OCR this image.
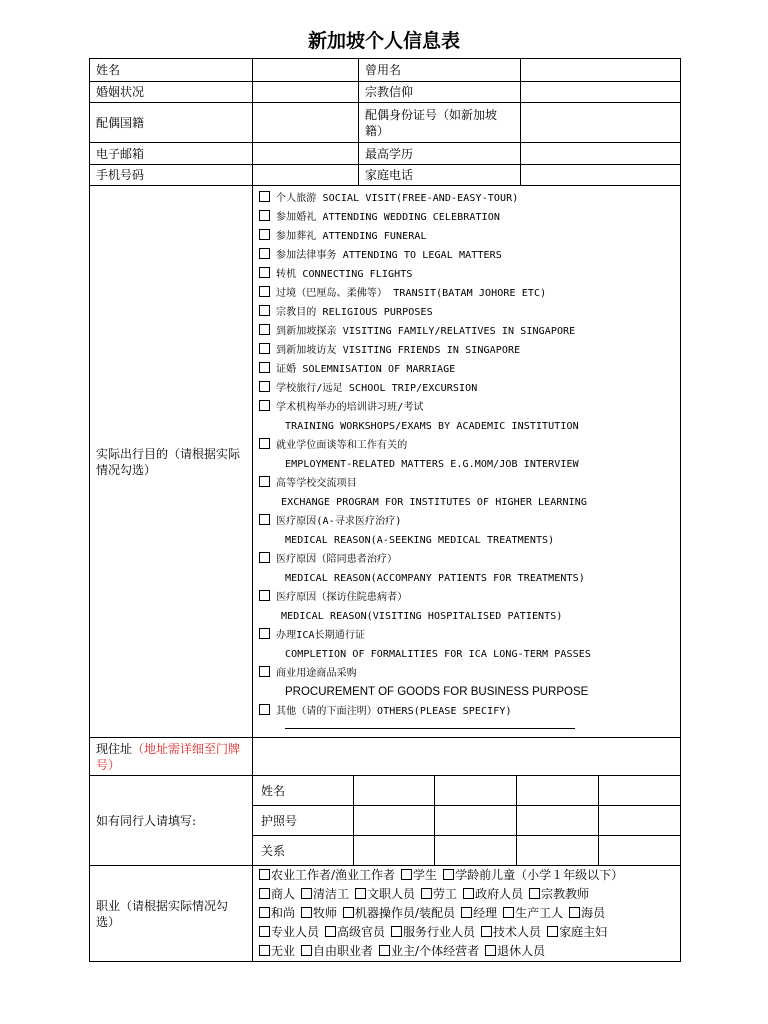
新加坡个人信息表
姓名		曾用名	
婚姻状况		宗教信仰	
配偶国籍		配偶身份证号（如新加坡籍）	
电子邮箱		最高学历	
手机号码		家庭电话	
实际出行目的（请根据实际情况勾选）	
个人旅游 SOCIAL VISIT(FREE-AND-EASY-TOUR)
参加婚礼 ATTENDING WEDDING CELEBRATION
参加葬礼 ATTENDING FUNERAL
参加法律事务 ATTENDING TO LEGAL MATTERS
转机 CONNECTING FLIGHTS
过境（巴厘岛、柔佛等） TRANSIT(BATAM JOHORE ETC)
宗教目的 RELIGIOUS PURPOSES
到新加坡探亲 VISITING FAMILY/RELATIVES IN SINGAPORE
到新加坡访友 VISITING FRIENDS IN SINGAPORE
证婚 SOLEMNISATION OF MARRIAGE
学校旅行/远足 SCHOOL TRIP/EXCURSION
学术机构举办的培训讲习班/考试
TRAINING WORKSHOPS/EXAMS BY ACADEMIC INSTITUTION
就业学位面谈等和工作有关的
EMPLOYMENT-RELATED MATTERS E.G.MOM/JOB INTERVIEW
高等学校交流项目
EXCHANGE PROGRAM FOR INSTITUTES OF HIGHER LEARNING
医疗原因(A-寻求医疗治疗)
MEDICAL REASON(A-SEEKING MEDICAL TREATMENTS)
医疗原因（陪同患者治疗）
MEDICAL REASON(ACCOMPANY PATIENTS FOR TREATMENTS)
医疗原因（探访住院患病者）
MEDICAL REASON(VISITING HOSPITALISED PATIENTS)
办理ICA长期通行证
COMPLETION OF FORMALITIES FOR ICA LONG-TERM PASSES
商业用途商品采购
PROCUREMENT OF GOODS FOR BUSINESS PURPOSE
其他（请的下面注明）OTHERS(PLEASE SPECIFY)

现住址（地址需详细至门牌号）	
如有同行人请填写:	
姓名				
护照号				
关系				

职业（请根据实际情况勾选）	
农业工作者/渔业工作者 学生 学龄前儿童（小学１年级以下）
商人 清洁工 文职人员 劳工 政府人员 宗教教师
和尚 牧师 机器操作员/装配员 经理 生产工人 海员
专业人员 高级官员 服务行业人员 技术人员 家庭主妇
无业 自由职业者 业主/个体经营者 退休人员
